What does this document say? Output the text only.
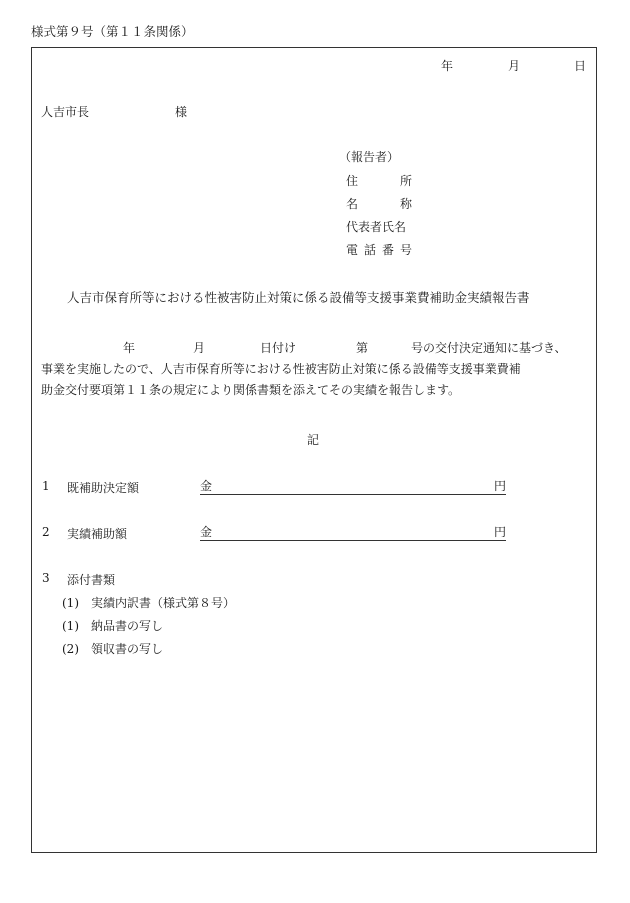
様式第９号（第１１条関係）
年	月	日
人吉市長	様
（報告者）
住	所
名	称
代表者氏名
電 話 番 号
人吉市保育所等における性被害防止対策に係る設備等支援事業費補助金実績報告書
年	月	日付け	第	号の交付決定通知に基づき、
事業を実施したので、人吉市保育所等における性被害防止対策に係る設備等支援事業費補
助金交付要項第１１条の規定により関係書類を添えてその実績を報告します。
記
1 既補助決定額	金	円
2 実績補助額	金	円
3 添付書類
(1)　実績内訳書（様式第８号）
(1)　納品書の写し
(2)　領収書の写し
